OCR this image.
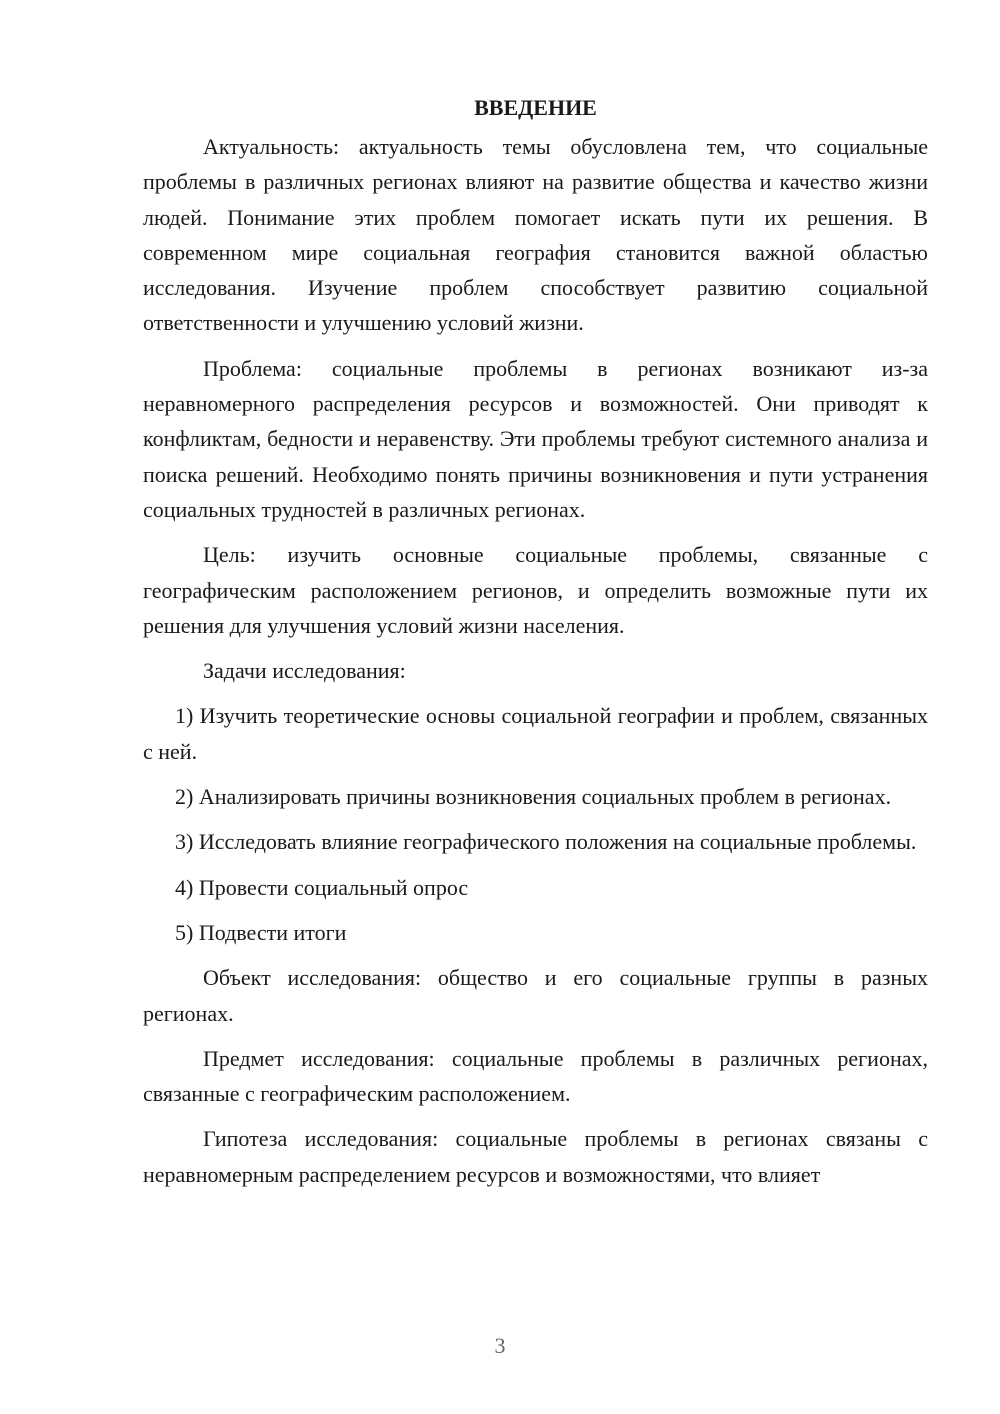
ВВЕДЕНИЕ

Актуальность: актуальность темы обусловлена тем, что социальные проблемы в различных регионах влияют на развитие общества и качество жизни людей. Понимание этих проблем помогает искать пути их решения. В современном мире социальная география становится важной областью исследования. Изучение проблем способствует развитию социальной ответственности и улучшению условий жизни.

Проблема: социальные проблемы в регионах возникают из-за неравномерного распределения ресурсов и возможностей. Они приводят к конфликтам, бедности и неравенству. Эти проблемы требуют системного анализа и поиска решений. Необходимо понять причины возникновения и пути устранения социальных трудностей в различных регионах.

Цель: изучить основные социальные проблемы, связанные с географическим расположением регионов, и определить возможные пути их решения для улучшения условий жизни населения.

Задачи исследования:

1) Изучить теоретические основы социальной географии и проблем, связанных с ней.

2) Анализировать причины возникновения социальных проблем в регионах.

3) Исследовать влияние географического положения на социальные проблемы.

4) Провести социальный опрос

5) Подвести итоги

Объект исследования: общество и его социальные группы в разных регионах.

Предмет исследования: социальные проблемы в различных регионах, связанные с географическим расположением.

Гипотеза исследования: социальные проблемы в регионах связаны с неравномерным распределением ресурсов и возможностями, что влияет

3
